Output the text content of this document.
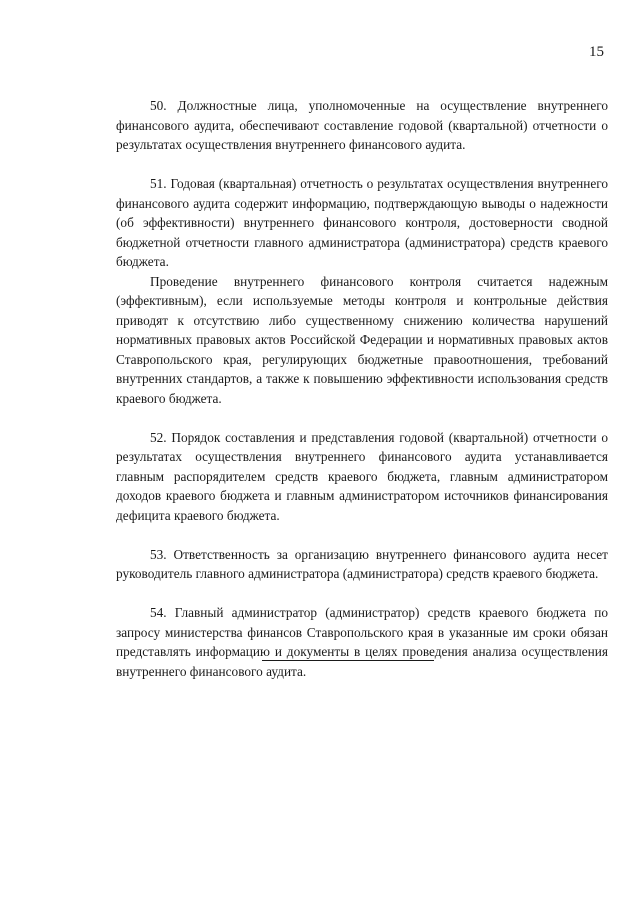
15

50. Должностные лица, уполномоченные на осуществление внутреннего финансового аудита, обеспечивают составление годовой (квартальной) отчетности о результатах осуществления внутреннего финансового аудита.

51. Годовая (квартальная) отчетность о результатах осуществления внутреннего финансового аудита содержит информацию, подтверждающую выводы о надежности (об эффективности) внутреннего финансового контроля, достоверности сводной бюджетной отчетности главного администратора (администратора) средств краевого бюджета.

Проведение внутреннего финансового контроля считается надежным (эффективным), если используемые методы контроля и контрольные действия приводят к отсутствию либо существенному снижению количества нарушений нормативных правовых актов Российской Федерации и нормативных правовых актов Ставропольского края, регулирующих бюджетные правоотношения, требований внутренних стандартов, а также к повышению эффективности использования средств краевого бюджета.

52. Порядок составления и представления годовой (квартальной) отчетности о результатах осуществления внутреннего финансового аудита устанавливается главным распорядителем средств краевого бюджета, главным администратором доходов краевого бюджета и главным администратором источников финансирования дефицита краевого бюджета.

53. Ответственность за организацию внутреннего финансового аудита несет руководитель главного администратора (администратора) средств краевого бюджета.

54. Главный администратор (администратор) средств краевого бюджета по запросу министерства финансов Ставропольского края в указанные им сроки обязан представлять информацию и документы в целях проведения анализа осуществления внутреннего финансового аудита.
